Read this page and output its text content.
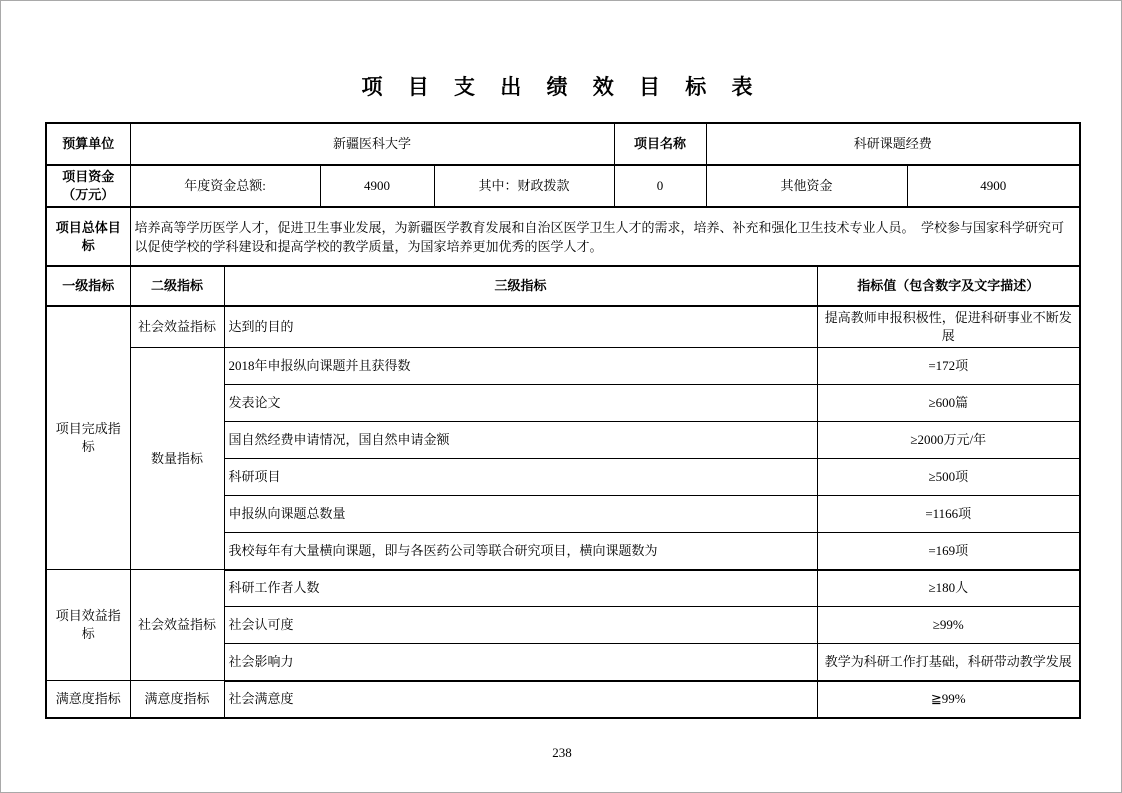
项 目 支 出 绩 效 目 标 表
预算单位	新疆医科大学				项目名称	科研课题经费		
项目资金（万元）	年度资金总额:		4900	其中：财政拨款	0	其他资金		4900
项目总体目标	培养高等学历医学人才，促进卫生事业发展，为新疆医学教育发展和自治区医学卫生人才的需求，培养、补充和强化卫生技术专业人员。　学校参与国家科学研究可以促使学校的学科建设和提高学校的教学质量，为国家培养更加优秀的医学人才。							
一级指标	二级指标	三级指标					指标值（包含数字及文字描述）	
项目完成指标	社会效益指标	达到的目的					提高教师申报积极性，促进科研事业不断发展	
	数量指标	2018年申报纵向课题并且获得数					=172项	
		发表论文					≥600篇	
		国自然经费申请情况，国自然申请金额					≥2000万元/年	
		科研项目					≥500项	
		申报纵向课题总数量					=1166项	
		我校每年有大量横向课题，即与各医药公司等联合研究项目，横向课题数为					=169项	
项目效益指标	社会效益指标	科研工作者人数					≥180人	
		社会认可度					≥99%	
		社会影响力					教学为科研工作打基础，科研带动教学发展	
满意度指标	满意度指标	社会满意度					≧99%	
238
